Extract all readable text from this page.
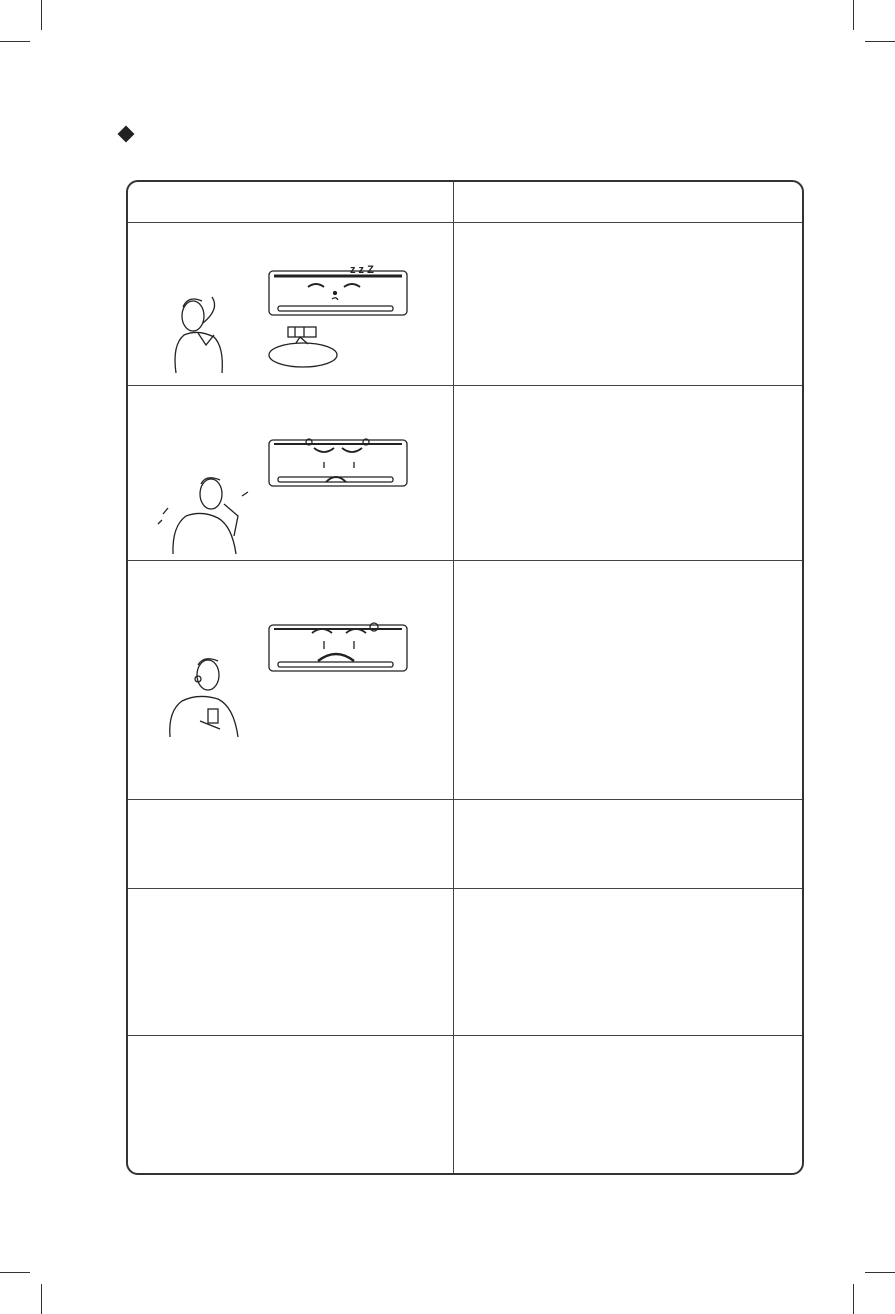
z z Z
